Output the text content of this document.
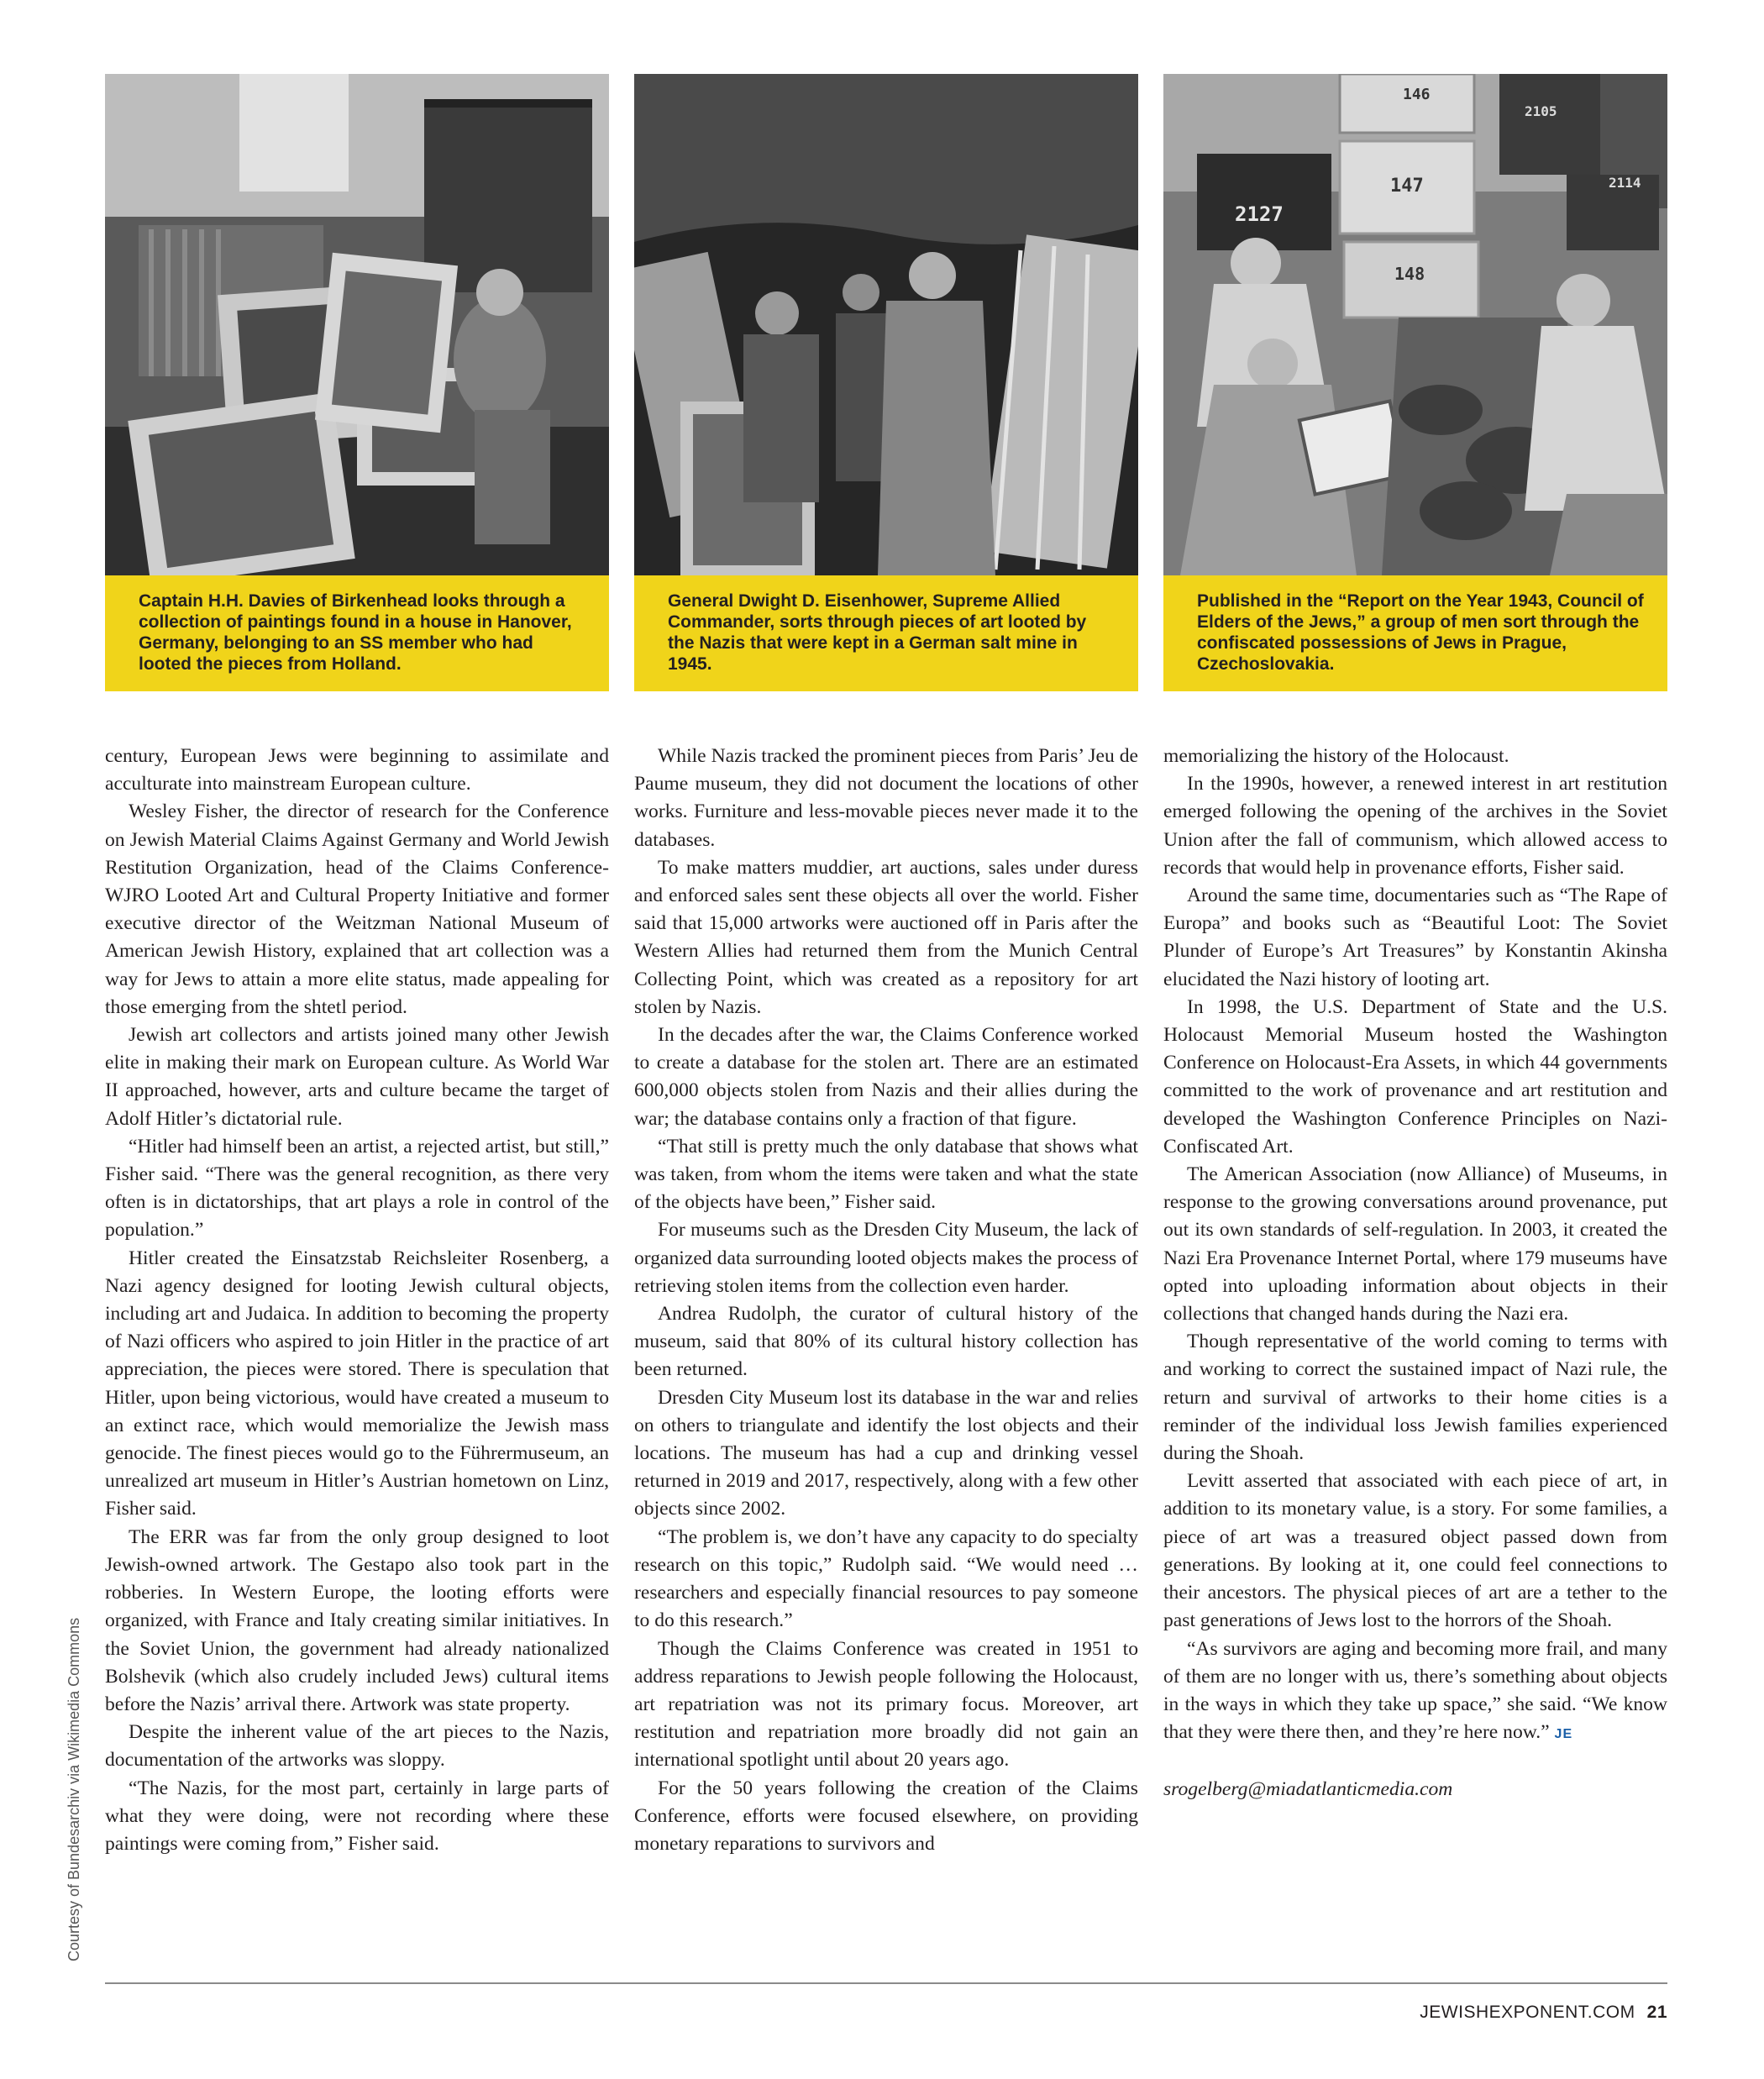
Captain H.H. Davies of Birkenhead looks through a collection of paintings found in a house in Hanover, Germany, belonging to an SS member who had looted the pieces from Holland.
General Dwight D. Eisenhower, Supreme Allied Commander, sorts through pieces of art looted by the Nazis that were kept in a German salt mine in 1945.
146
2105
147	2114
2127
148
Published in the “Report on the Year 1943, Council of Elders of the Jews,” a group of men sort through the confiscated possessions of Jews in Prague, Czechoslovakia.
Courtesy of Bundesarchiv via Wikimedia Commons

century, European Jews were beginning to assimilate and acculturate into mainstream European culture.

Wesley Fisher, the director of research for the Conference on Jewish Material Claims Against Germany and World Jewish Restitution Organization, head of the Claims Conference-WJRO Looted Art and Cultural Property Initiative and former executive director of the Weitzman National Museum of American Jewish History, explained that art collection was a way for Jews to attain a more elite status, made appealing for those emerging from the shtetl period.

Jewish art collectors and artists joined many other Jewish elite in making their mark on European culture. As World War II approached, however, arts and culture became the target of Adolf Hitler’s dictatorial rule.

“Hitler had himself been an artist, a rejected artist, but still,” Fisher said. “There was the general recognition, as there very often is in dictatorships, that art plays a role in control of the population.”

Hitler created the Einsatzstab Reichsleiter Rosenberg, a Nazi agency designed for looting Jewish cultural objects, including art and Judaica. In addition to becoming the property of Nazi officers who aspired to join Hitler in the practice of art appreciation, the pieces were stored. There is speculation that Hitler, upon being victorious, would have created a museum to an extinct race, which would memorialize the Jewish mass genocide. The finest pieces would go to the Führermuseum, an unrealized art museum in Hitler’s Austrian hometown on Linz, Fisher said.

The ERR was far from the only group designed to loot Jewish-owned artwork. The Gestapo also took part in the robberies. In Western Europe, the looting efforts were organized, with France and Italy creating similar initiatives. In the Soviet Union, the government had already nationalized Bolshevik (which also crudely included Jews) cultural items before the Nazis’ arrival there. Artwork was state property.

Despite the inherent value of the art pieces to the Nazis, documentation of the artworks was sloppy.

“The Nazis, for the most part, certainly in large parts of what they were doing, were not recording where these paintings were coming from,” Fisher said.

While Nazis tracked the prominent pieces from Paris’ Jeu de Paume museum, they did not document the locations of other works. Furniture and less-movable pieces never made it to the databases.

To make matters muddier, art auctions, sales under duress and enforced sales sent these objects all over the world. Fisher said that 15,000 artworks were auctioned off in Paris after the Western Allies had returned them from the Munich Central Collecting Point, which was created as a repository for art stolen by Nazis.

In the decades after the war, the Claims Conference worked to create a database for the stolen art. There are an estimated 600,000 objects stolen from Nazis and their allies during the war; the database contains only a fraction of that figure.

“That still is pretty much the only database that shows what was taken, from whom the items were taken and what the state of the objects have been,” Fisher said.

For museums such as the Dresden City Museum, the lack of organized data surrounding looted objects makes the process of retrieving stolen items from the collection even harder.

Andrea Rudolph, the curator of cultural history of the museum, said that 80% of its cultural history collection has been returned.

Dresden City Museum lost its database in the war and relies on others to triangulate and identify the lost objects and their locations. The museum has had a cup and drinking vessel returned in 2019 and 2017, respectively, along with a few other objects since 2002.

“The problem is, we don’t have any capacity to do specialty research on this topic,” Rudolph said. “We would need … researchers and especially financial resources to pay someone to do this research.”

Though the Claims Conference was created in 1951 to address reparations to Jewish people following the Holocaust, art repatriation was not its primary focus. Moreover, art restitution and repatriation more broadly did not gain an international spotlight until about 20 years ago.

For the 50 years following the creation of the Claims Conference, efforts were focused elsewhere, on providing monetary reparations to survivors and

memorializing the history of the Holocaust.

In the 1990s, however, a renewed interest in art restitution emerged following the opening of the archives in the Soviet Union after the fall of communism, which allowed access to records that would help in provenance efforts, Fisher said.

Around the same time, documentaries such as “The Rape of Europa” and books such as “Beautiful Loot: The Soviet Plunder of Europe’s Art Treasures” by Konstantin Akinsha elucidated the Nazi history of looting art.

In 1998, the U.S. Department of State and the U.S. Holocaust Memorial Museum hosted the Washington Conference on Holocaust-Era Assets, in which 44 governments committed to the work of provenance and art restitution and developed the Washington Conference Principles on Nazi-Confiscated Art.

The American Association (now Alliance) of Museums, in response to the growing conversations around provenance, put out its own standards of self-regulation. In 2003, it created the Nazi Era Provenance Internet Portal, where 179 museums have opted into uploading information about objects in their collections that changed hands during the Nazi era.

Though representative of the world coming to terms with and working to correct the sustained impact of Nazi rule, the return and survival of artworks to their home cities is a reminder of the individual loss Jewish families experienced during the Shoah.

Levitt asserted that associated with each piece of art, in addition to its monetary value, is a story. For some families, a piece of art was a treasured object passed down from generations. By looking at it, one could feel connections to their ancestors. The physical pieces of art are a tether to the past generations of Jews lost to the horrors of the Shoah.

“As survivors are aging and becoming more frail, and many of them are no longer with us, there’s something about objects in the ways in which they take up space,” she said. “We know that they were there then, and they’re here now.” JE

srogelberg@miadatlanticmedia.com

JEWISHEXPONENT.COM 21
